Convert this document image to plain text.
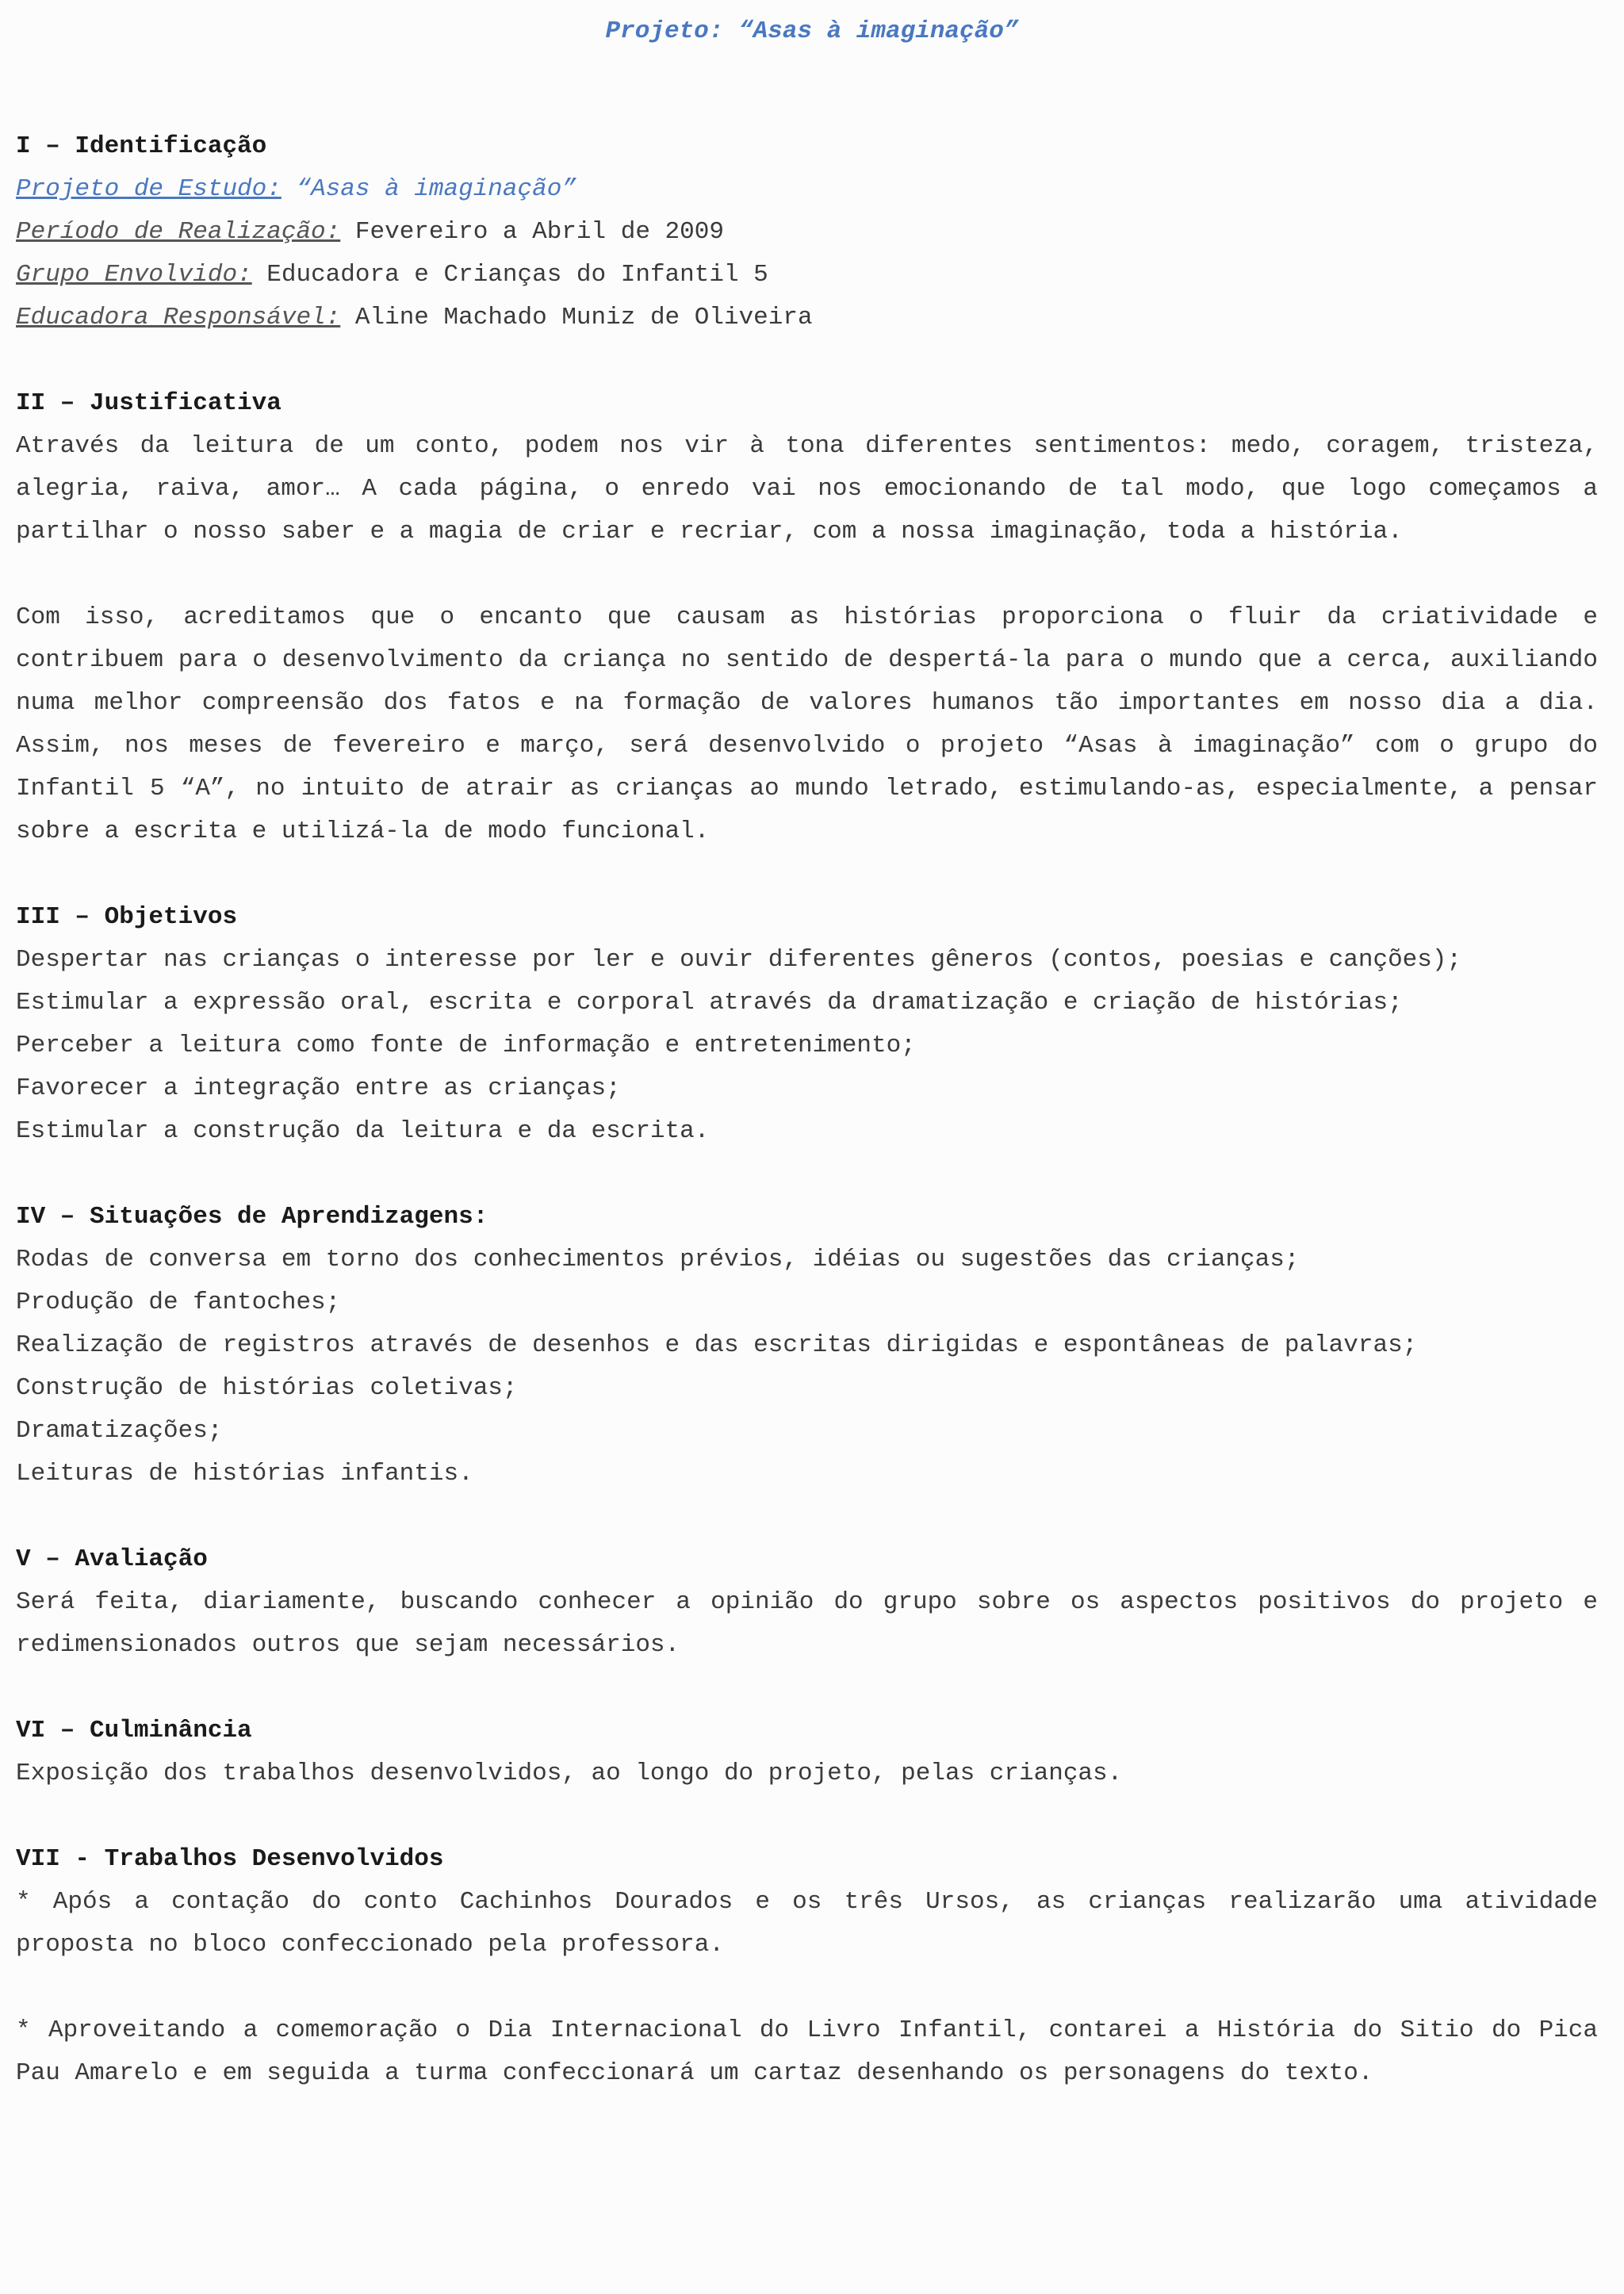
Projeto: “Asas à imaginação”

I – Identificação

Projeto de Estudo: “Asas à imaginação”

Período de Realização: Fevereiro a Abril de 2009

Grupo Envolvido: Educadora e Crianças do Infantil 5

Educadora Responsável: Aline Machado Muniz de Oliveira

II – Justificativa

Através da leitura de um conto, podem nos vir à tona diferentes sentimentos: medo, coragem, tristeza, alegria, raiva, amor… A cada página, o enredo vai nos emocionando de tal modo, que logo começamos a partilhar o nosso saber e a magia de criar e recriar, com a nossa imaginação, toda a história.

Com isso, acreditamos que o encanto que causam as histórias proporciona o fluir da criatividade e contribuem para o desenvolvimento da criança no sentido de despertá-la para o mundo que a cerca, auxiliando numa melhor compreensão dos fatos e na formação de valores humanos tão importantes em nosso dia a dia. Assim, nos meses de fevereiro e março, será desenvolvido o projeto “Asas à imaginação” com o grupo do Infantil 5 “A”, no intuito de atrair as crianças ao mundo letrado, estimulando-as, especialmente, a pensar sobre a escrita e utilizá-la de modo funcional.

III – Objetivos

Despertar nas crianças o interesse por ler e ouvir diferentes gêneros (contos, poesias e canções);

Estimular a expressão oral, escrita e corporal através da dramatização e criação de histórias;

Perceber a leitura como fonte de informação e entretenimento;

Favorecer a integração entre as crianças;

Estimular a construção da leitura e da escrita.

IV – Situações de Aprendizagens:

Rodas de conversa em torno dos conhecimentos prévios, idéias ou sugestões das crianças;

Produção de fantoches;

Realização de registros através de desenhos e das escritas dirigidas e espontâneas de palavras;

Construção de histórias coletivas;

Dramatizações;

Leituras de histórias infantis.

V – Avaliação

Será feita, diariamente, buscando conhecer a opinião do grupo sobre os aspectos positivos do projeto e redimensionados outros que sejam necessários.

VI – Culminância

Exposição dos trabalhos desenvolvidos, ao longo do projeto, pelas crianças.

VII - Trabalhos Desenvolvidos

* Após a contação do conto Cachinhos Dourados e os três Ursos, as crianças realizarão uma atividade proposta no bloco confeccionado pela professora.

* Aproveitando a comemoração o Dia Internacional do Livro Infantil, contarei a História do Sitio do Pica Pau Amarelo e em seguida a turma confeccionará um cartaz desenhando os personagens do texto.
